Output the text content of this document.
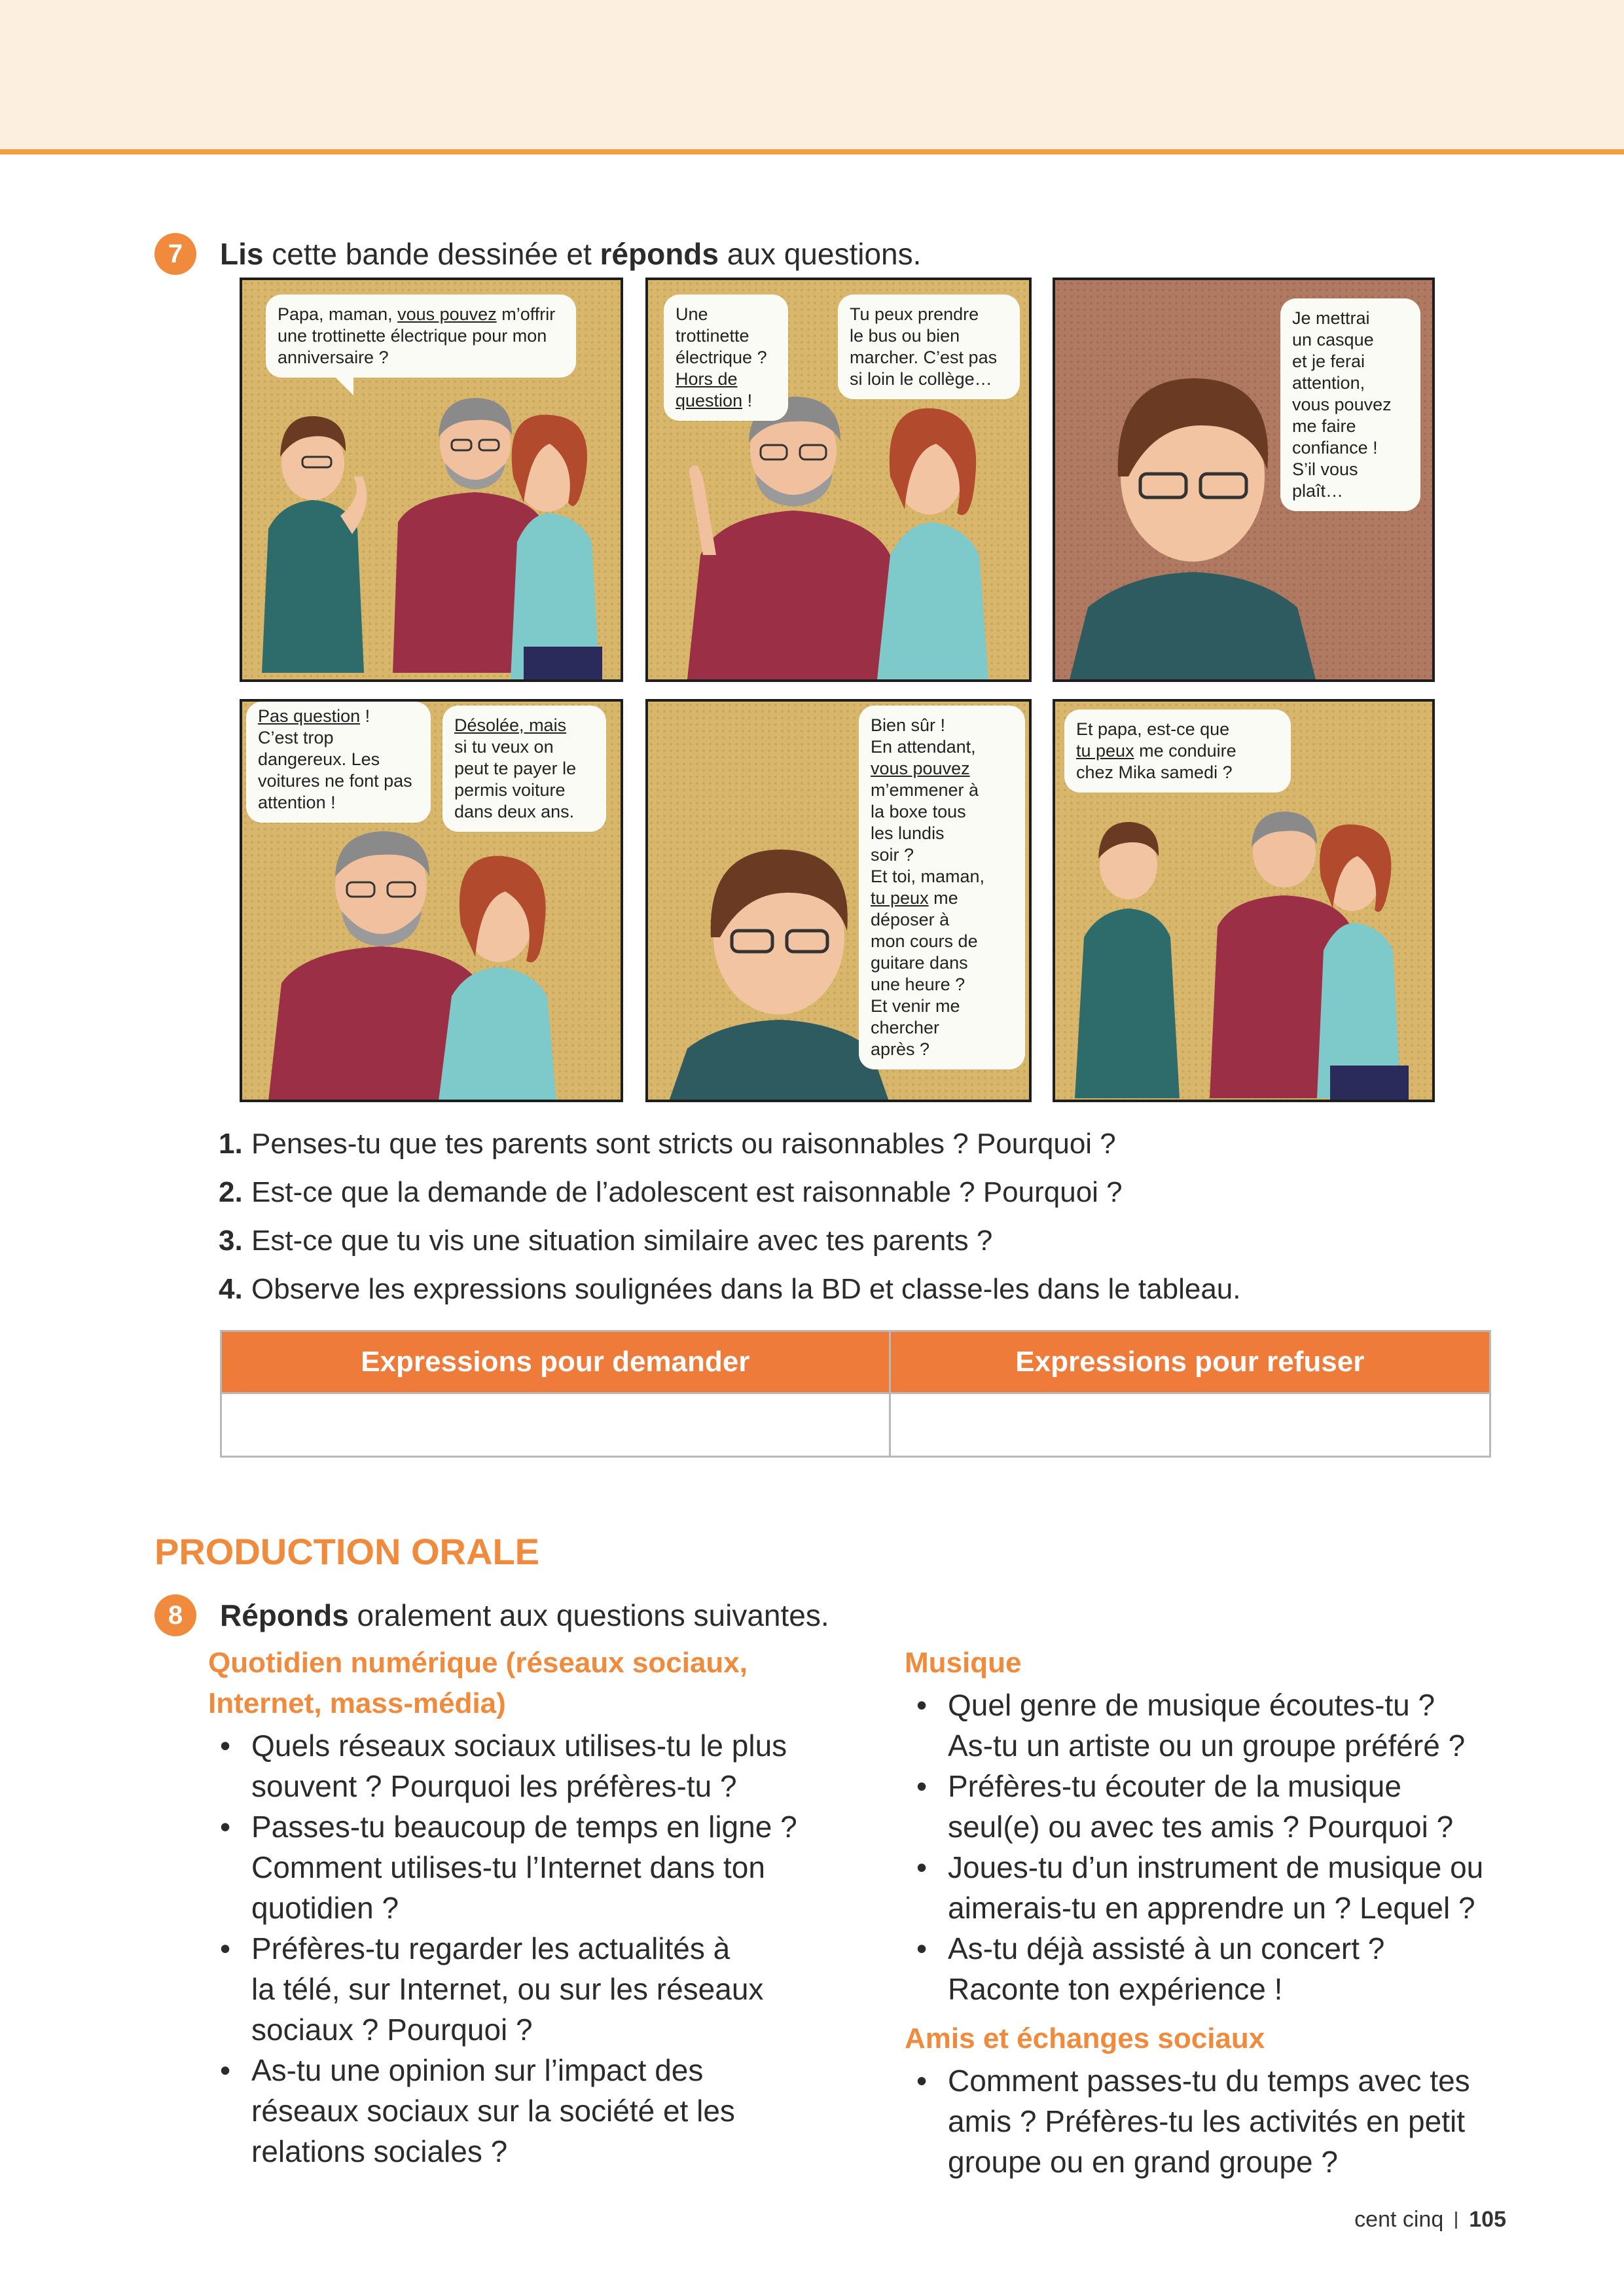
7	Lis cette bande dessinée et réponds aux questions.
Papa, maman, vous pouvez m’offrir
une trottinette électrique pour mon
anniversaire ?
Une trottinette
électrique ?
Hors de
question !
Tu peux prendre
le bus ou bien
marcher. C’est pas
si loin le collège…
Je mettrai
un casque
et je ferai
attention,
vous pouvez
me faire
confiance !
S’il vous
plaît…
Pas question !
C’est trop
dangereux. Les
voitures ne font pas
attention !
Désolée, mais
si tu veux on
peut te payer le
permis voiture
dans deux ans.
Bien sûr !
En attendant,
vous pouvez
m’emmener à
la boxe tous
les lundis
soir ?
Et toi, maman,
tu peux me
déposer à
mon cours de
guitare dans
une heure ?
Et venir me
chercher
après ?
Et papa, est-ce que
tu peux me conduire
chez Mika samedi ?
1. Penses-tu que tes parents sont stricts ou raisonnables ? Pourquoi ?
2. Est-ce que la demande de l’adolescent est raisonnable ? Pourquoi ?
3. Est-ce que tu vis une situation similaire avec tes parents ?
4. Observe les expressions soulignées dans la BD et classe-les dans le tableau.
Expressions pour demander	Expressions pour refuser

PRODUCTION ORALE
8	Réponds oralement aux questions suivantes.
Quotidien numérique (réseaux sociaux,
Internet, mass-média)
• Quels réseaux sociaux utilises-tu le plus
souvent ? Pourquoi les préfères-tu ?
• Passes-tu beaucoup de temps en ligne ?
Comment utilises-tu l’Internet dans ton
quotidien ?
• Préfères-tu regarder les actualités à
la télé, sur Internet, ou sur les réseaux
sociaux ? Pourquoi ?
• As-tu une opinion sur l’impact des
réseaux sociaux sur la société et les
relations sociales ?
Musique
• Quel genre de musique écoutes-tu ?
As-tu un artiste ou un groupe préféré ?
• Préfères-tu écouter de la musique
seul(e) ou avec tes amis ? Pourquoi ?
• Joues-tu d’un instrument de musique ou
aimerais-tu en apprendre un ? Lequel ?
• As-tu déjà assisté à un concert ?
Raconte ton expérience !
Amis et échanges sociaux
• Comment passes-tu du temps avec tes
amis ? Préfères-tu les activités en petit
groupe ou en grand groupe ?
cent cinq 105
